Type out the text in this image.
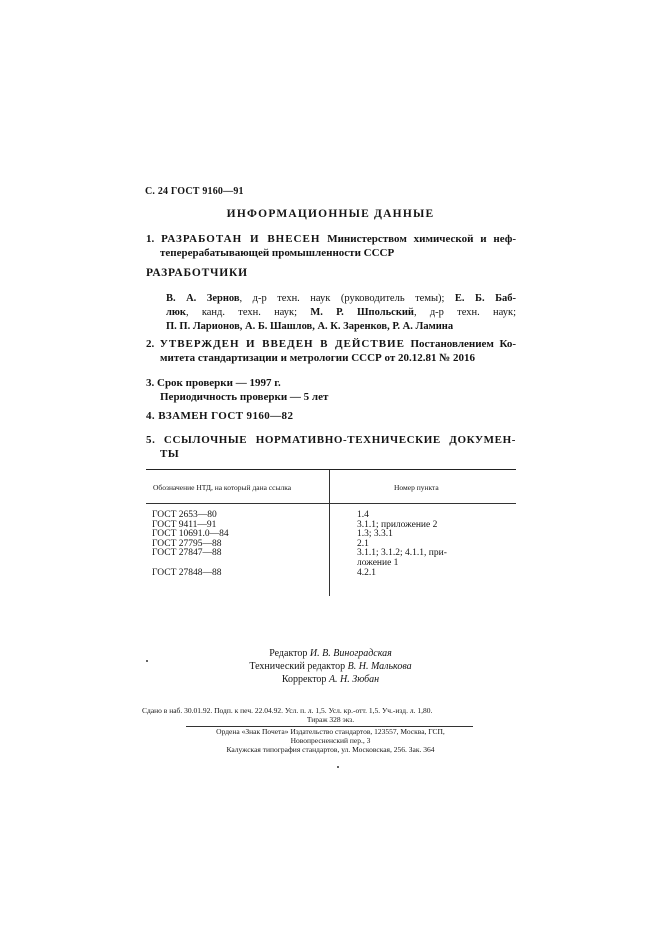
С. 24 ГОСТ 9160—91
ИНФОРМАЦИОННЫЕ ДАННЫЕ
1. РАЗРАБОТАН И ВНЕСЕН Министерством химической и неф-
теперерабатывающей промышленности СССР
РАЗРАБОТЧИКИ
В. А. Зернов, д-р техн. наук (руководитель темы); Е. Б. Баб-
люк, канд. техн. наук; М. Р. Шпольский, д-р техн. наук;
П. П. Ларионов, А. Б. Шашлов, А. К. Заренков, Р. А. Ламина
2. УТВЕРЖДЕН И ВВЕДЕН В ДЕЙСТВИЕ Постановлением Ко-
митета стандартизации и метрологии СССР от 20.12.81 № 2016
3. Срок проверки — 1997 г.
Периодичность проверки — 5 лет
4. ВЗАМЕН ГОСТ 9160—82
5. ССЫЛОЧНЫЕ НОРМАТИВНО-ТЕХНИЧЕСКИЕ ДОКУМЕН-
ТЫ
Обозначение НТД, на который дана ссылка	Номер пункта
ГОСТ 2653—80
ГОСТ 9411—91
ГОСТ 10691.0—84
ГОСТ 27795—88
ГОСТ 27847—88
ГОСТ 27848—88
1.4
3.1.1; приложение 2
1.3; 3.3.1
2.1
3.1.1; 3.1.2; 4.1.1, при-
ложение 1
4.2.1
Редактор И. В. Виноградская
Технический редактор В. Н. Малькова
Корректор А. Н. Зюбан
Сдано в наб. 30.01.92. Подп. к печ. 22.04.92. Усл. п. л. 1,5. Усл. кр.-отт. 1,5. Уч.-изд. л. 1,80.
Тираж 328 экз.
Ордена «Знак Почета» Издательство стандартов, 123557, Москва, ГСП,
Новопресненский пер., 3
Калужская типография стандартов, ул. Московская, 256. Зак. 364
